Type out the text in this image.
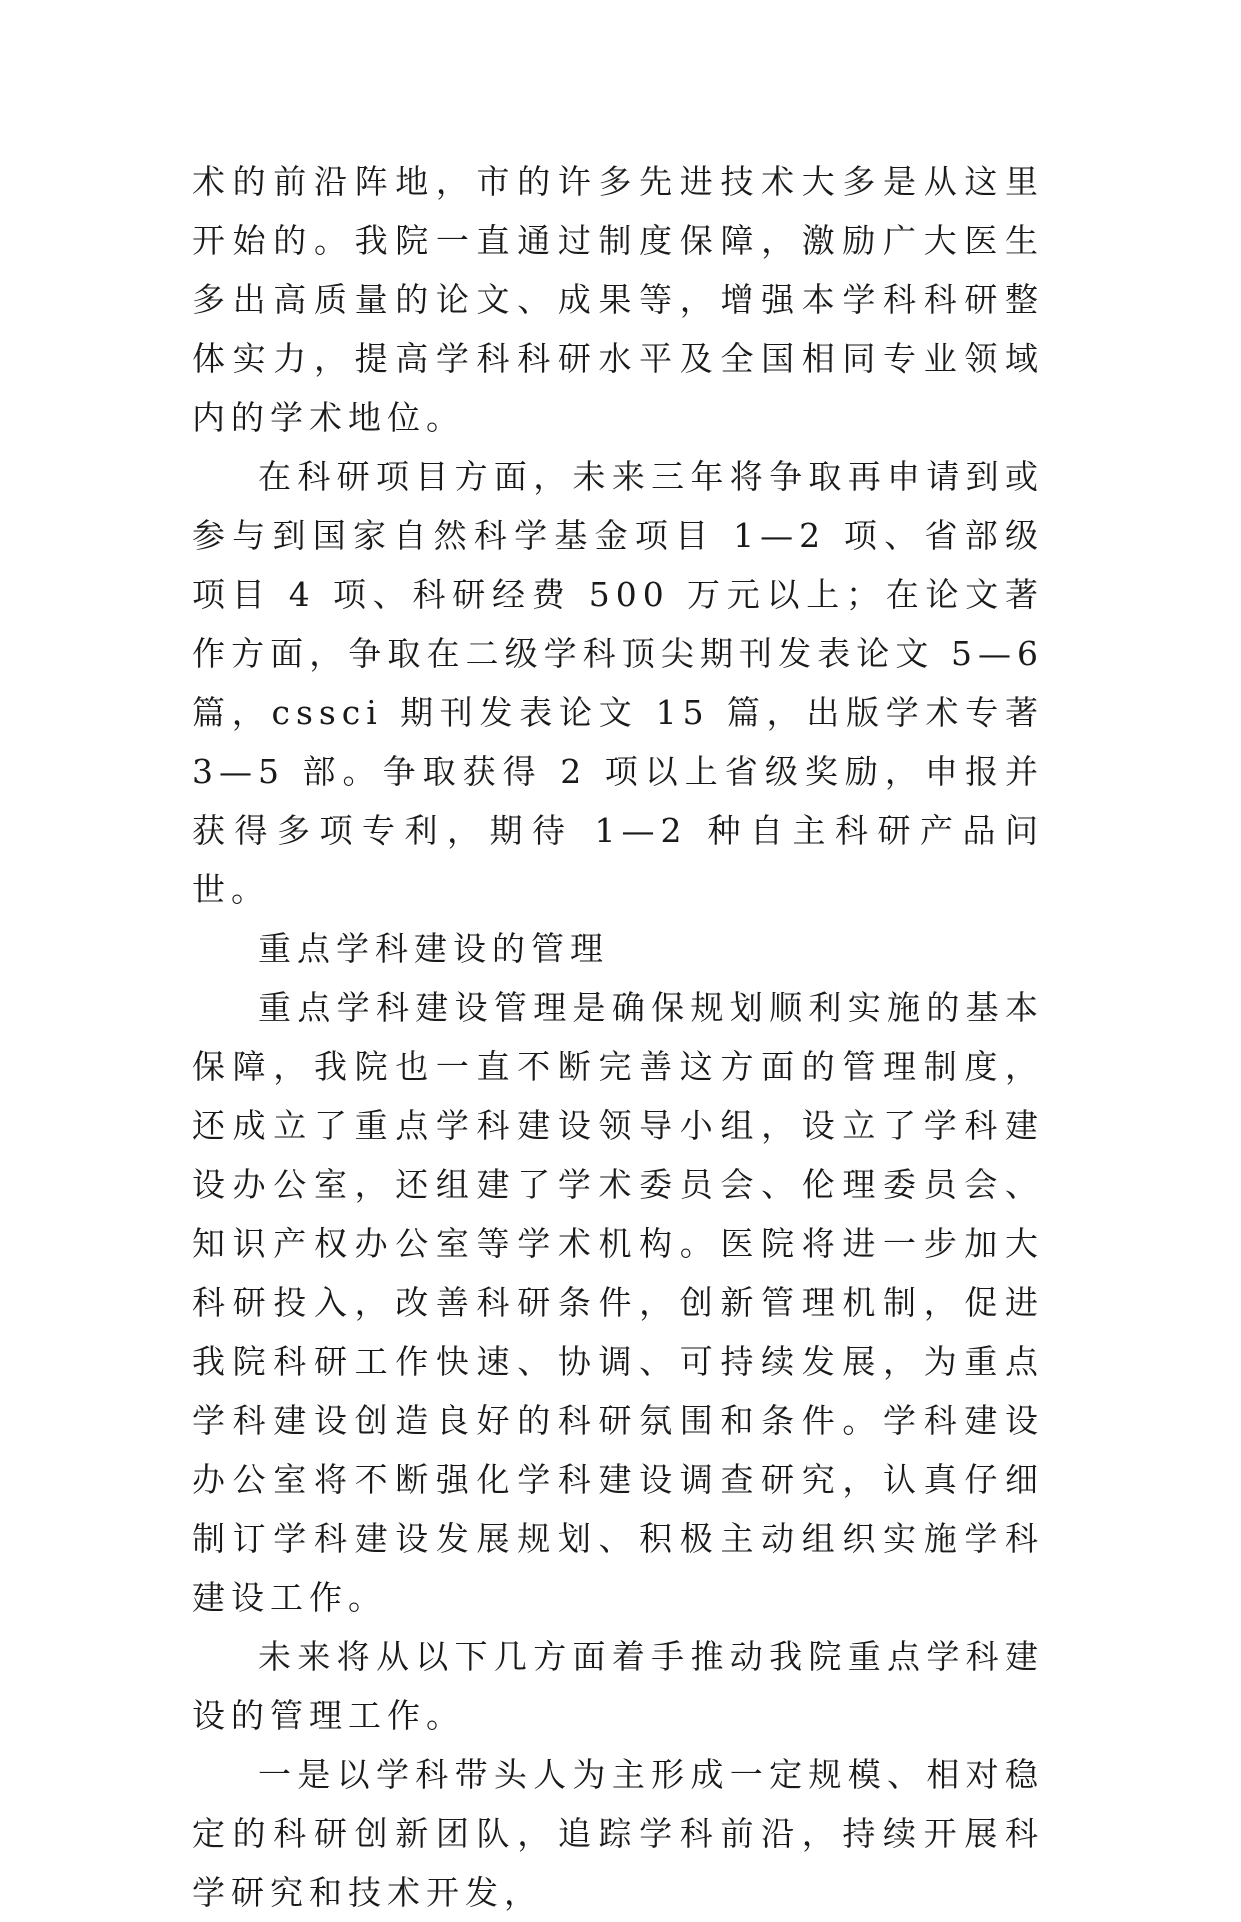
术的前沿阵地，市的许多先进技术大多是从这里开始的。我院一直通过制度保障，激励广大医生多出高质量的论文、成果等，增强本学科科研整体实力，提高学科科研水平及全国相同专业领域内的学术地位。

在科研项目方面，未来三年将争取再申请到或参与到国家自然科学基金项目 1—2 项、省部级项目 4 项、科研经费 500 万元以上；在论文著作方面，争取在二级学科顶尖期刊发表论文 5—6 篇，cssci 期刊发表论文 15 篇，出版学术专著 3—5 部。争取获得 2 项以上省级奖励，申报并获得多项专利，期待 1—2 种自主科研产品问世。

重点学科建设的管理

重点学科建设管理是确保规划顺利实施的基本保障，我院也一直不断完善这方面的管理制度，还成立了重点学科建设领导小组，设立了学科建设办公室，还组建了学术委员会、伦理委员会、知识产权办公室等学术机构。医院将进一步加大科研投入，改善科研条件，创新管理机制，促进我院科研工作快速、协调、可持续发展，为重点学科建设创造良好的科研氛围和条件。学科建设办公室将不断强化学科建设调查研究，认真仔细制订学科建设发展规划、积极主动组织实施学科建设工作。

未来将从以下几方面着手推动我院重点学科建设的管理工作。

一是以学科带头人为主形成一定规模、相对稳定的科研创新团队，追踪学科前沿，持续开展科学研究和技术开发，
